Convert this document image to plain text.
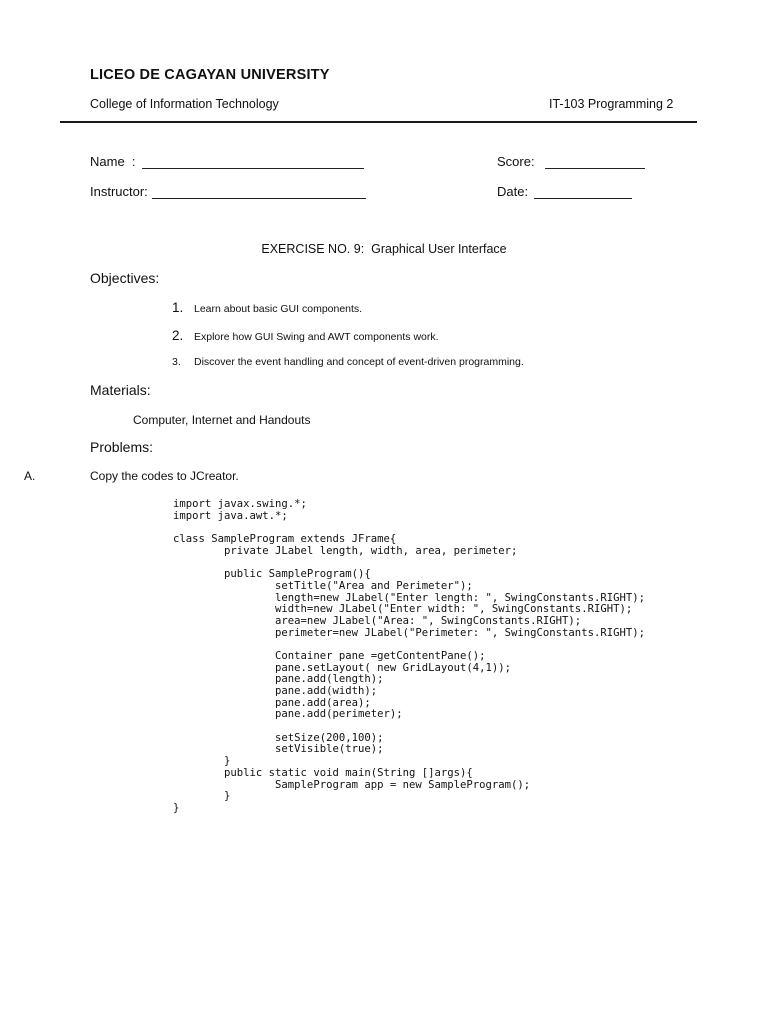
LICEO DE CAGAYAN UNIVERSITY
College of Information Technology	IT-103 Programming 2
Name  :
Instructor:
Score:
Date:
EXERCISE NO. 9:  Graphical User Interface
Objectives:
1.	Learn about basic GUI components.
2.	Explore how GUI Swing and AWT components work.
3.	Discover the event handling and concept of event-driven programming.
Materials:
Computer, Internet and Handouts
Problems:
A.	Copy the codes to JCreator.
import javax.swing.*;
import java.awt.*;
class SampleProgram extends JFrame{
private JLabel length, width, area, perimeter;
public SampleProgram(){
setTitle("Area and Perimeter");
length=new JLabel("Enter length: ", SwingConstants.RIGHT);
width=new JLabel("Enter width: ", SwingConstants.RIGHT);
area=new JLabel("Area: ", SwingConstants.RIGHT);
perimeter=new JLabel("Perimeter: ", SwingConstants.RIGHT);
Container pane =getContentPane();
pane.setLayout( new GridLayout(4,1));
pane.add(length);
pane.add(width);
pane.add(area);
pane.add(perimeter);
setSize(200,100);
setVisible(true);
}
public static void main(String []args){
SampleProgram app = new SampleProgram();
}
}
